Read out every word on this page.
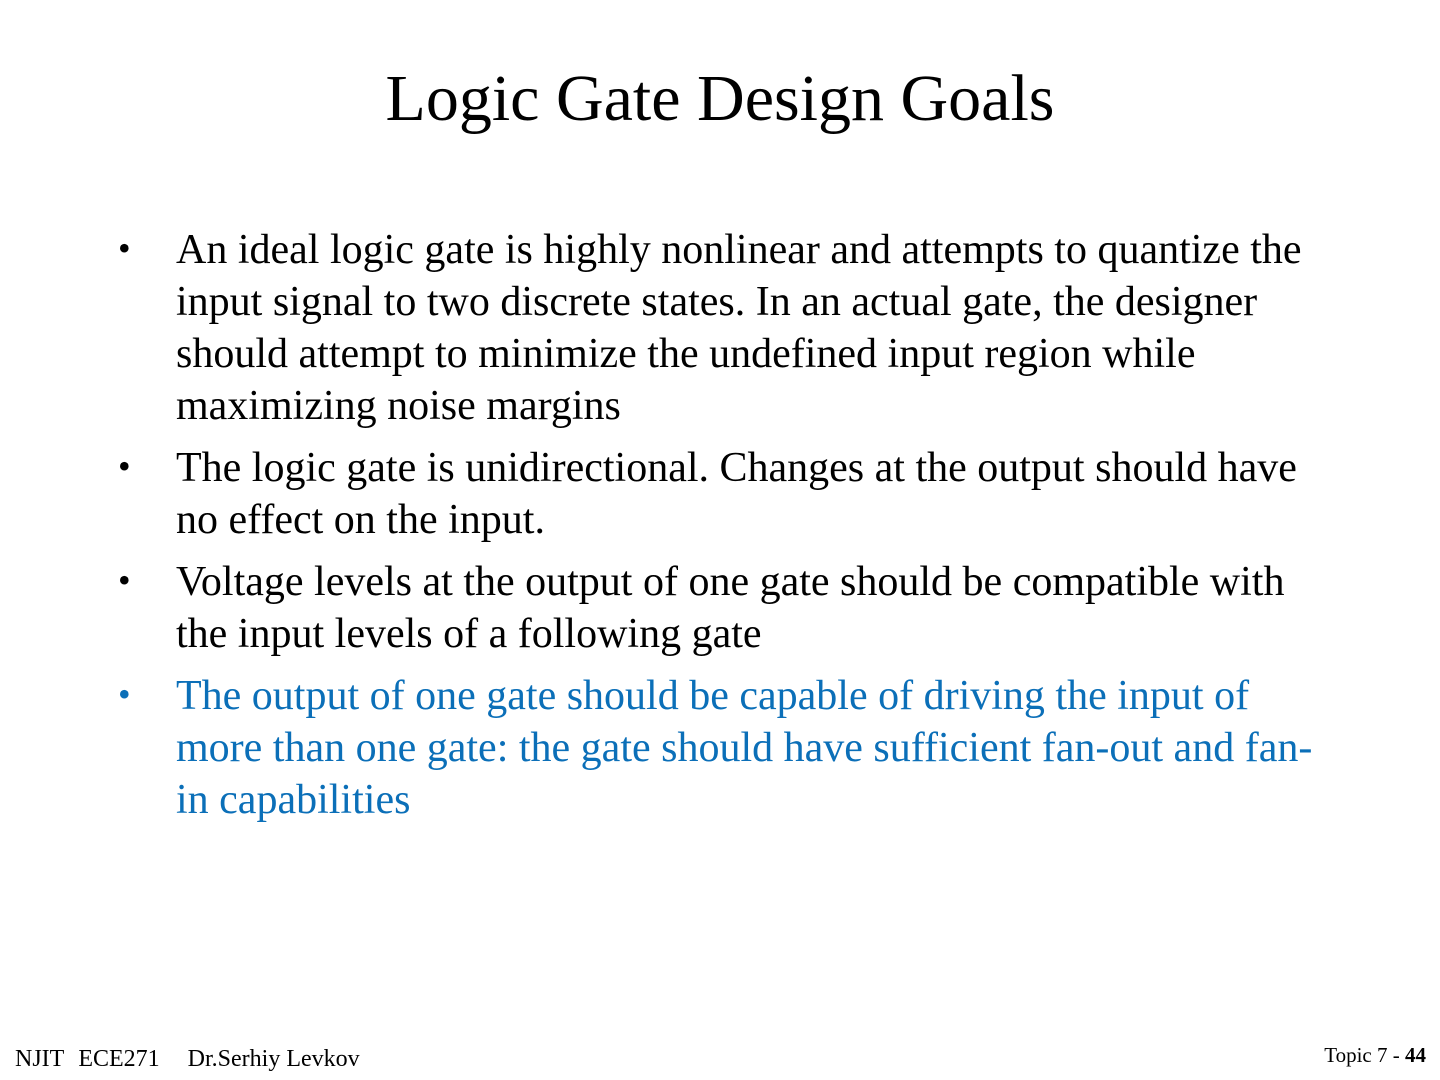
Logic Gate Design Goals
• An ideal logic gate is highly nonlinear and attempts to quantize the input signal to two discrete states. In an actual gate, the designer should attempt to minimize the undefined input region while maximizing noise margins
• The logic gate is unidirectional. Changes at the output should have no effect on the input.
• Voltage levels at the output of one gate should be compatible with the input levels of a following gate
• The output of one gate should be capable of driving the input of more than one gate: the gate should have sufficient fan-out and fan-in capabilities
NJIT ECE271 Dr.Serhiy Levkov	Topic 7 - 44
